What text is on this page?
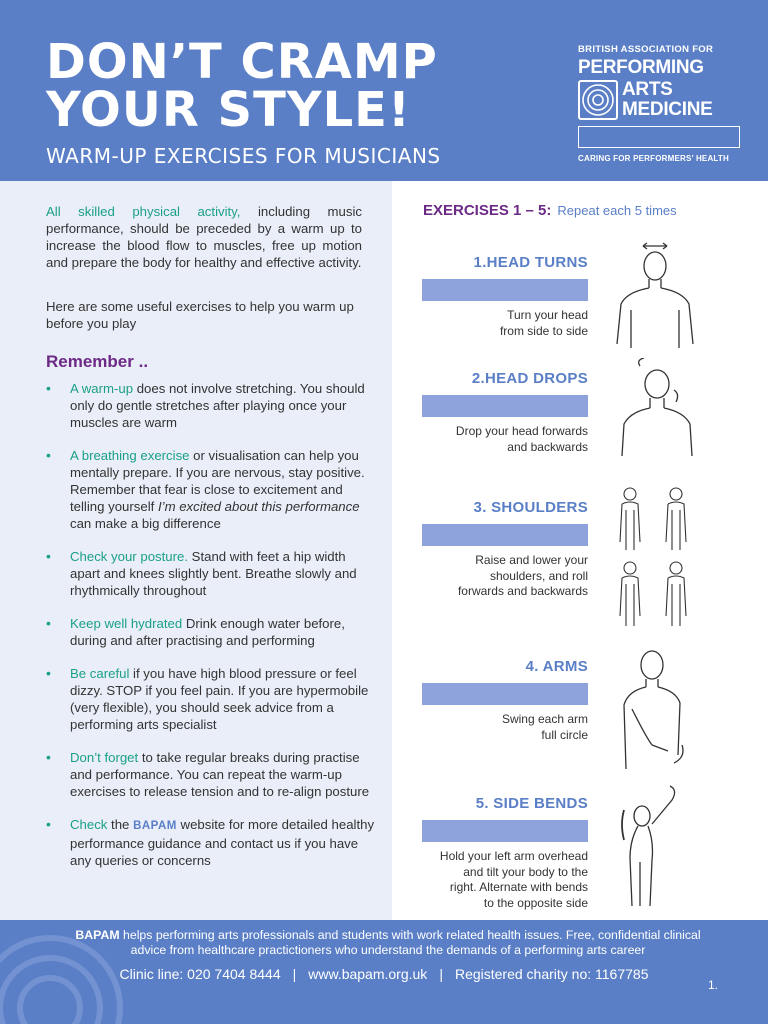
DON’T CRAMP
YOUR STYLE!
WARM-UP EXERCISES FOR MUSICIANS
BRITISH ASSOCIATION FOR
PERFORMING
ARTS
MEDICINE
CARING FOR PERFORMERS’ HEALTH

All skilled physical activity, including music performance, should be preceded by a warm up to increase the blood flow to muscles, free up motion and prepare the body for healthy and effective activity.

Here are some useful exercises to help you warm up before you play

Remember ..
• A warm-up does not involve stretching. You should only do gentle stretches after playing once your muscles are warm
• A breathing exercise or visualisation can help you mentally prepare. If you are nervous, stay positive. Remember that fear is close to excitement and telling yourself I’m excited about this performance can make a big difference
• Check your posture. Stand with feet a hip width apart and knees slightly bent. Breathe slowly and rhythmically throughout
• Keep well hydrated Drink enough water before, during and after practising and performing
• Be careful if you have high blood pressure or feel dizzy. STOP if you feel pain. If you are hypermobile (very flexible), you should seek advice from a performing arts specialist
• Don’t forget to take regular breaks during practise and performance. You can repeat the warm-up exercises to release tension and to re-align posture
• Check the BAPAM website for more detailed healthy performance guidance and contact us if you have any queries or concerns
EXERCISES 1 – 5: Repeat each 5 times
1.HEAD TURNS
Turn your head
from side to side
2.HEAD DROPS
Drop your head forwards
and backwards
3. SHOULDERS
Raise and lower your
shoulders, and roll
forwards and backwards
4. ARMS
Swing each arm
full circle
5. SIDE BENDS
Hold your left arm overhead
and tilt your body to the
right. Alternate with bends
to the opposite side
BAPAM helps performing arts professionals and students with work related health issues. Free, confidential clinical advice from healthcare practictioners who understand the demands of a performing arts career
Clinic line: 020 7404 8444 | www.bapam.org.uk | Registered charity no: 1167785
1.
